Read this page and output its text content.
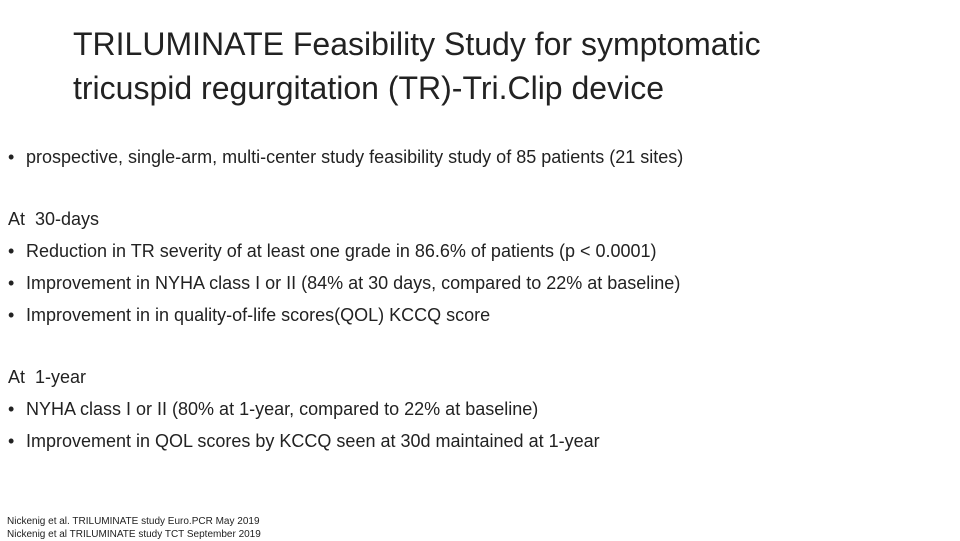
TRILUMINATE Feasibility Study for symptomatic
tricuspid regurgitation (TR)-Tri.Clip device
• prospective, single-arm, multi-center study feasibility study of 85 patients (21 sites)
At  30-days
• Reduction in TR severity of at least one grade in 86.6% of patients (p < 0.0001)
• Improvement in NYHA class I or II (84% at 30 days, compared to 22% at baseline)
• Improvement in in quality-of-life scores(QOL) KCCQ score
At  1-year
• NYHA class I or II (80% at 1-year, compared to 22% at baseline)
• Improvement in QOL scores by KCCQ seen at 30d maintained at 1-year
Nickenig et al. TRILUMINATE study Euro.PCR May 2019
Nickenig et al TRILUMINATE study TCT September 2019
